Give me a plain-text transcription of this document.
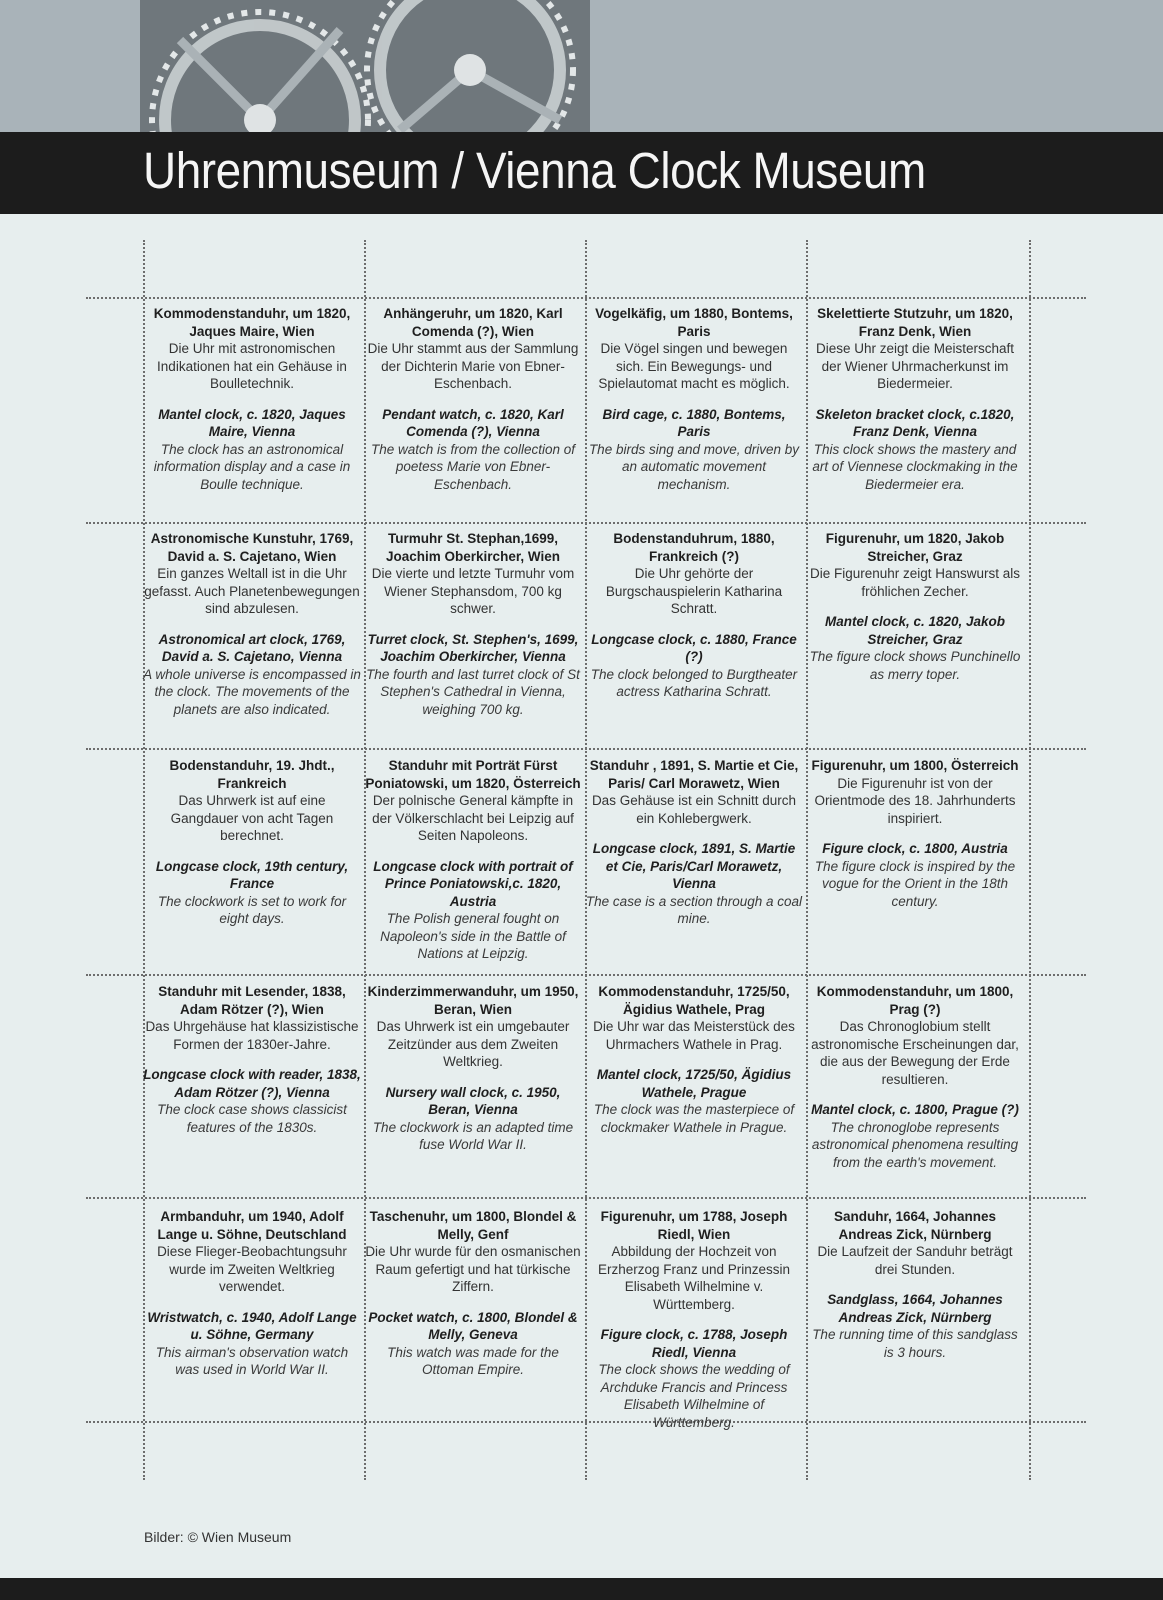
Uhrenmuseum / Vienna Clock Museum
Kommodenstanduhr, um 1820, Jaques Maire, Wien
Die Uhr mit astronomischen Indikationen hat ein Gehäuse in Boulletechnik.
Mantel clock, c. 1820, Jaques Maire, Vienna
The clock has an astronomical information display and a case in Boulle technique.
Anhängeruhr, um 1820, Karl Comenda (?), Wien
Die Uhr stammt aus der Sammlung der Dichterin Marie von Ebner-Eschenbach.
Pendant watch, c. 1820, Karl Comenda (?), Vienna
The watch is from the collection of poetess Marie von Ebner-Eschenbach.
Vogelkäfig, um 1880, Bontems, Paris
Die Vögel singen und bewegen sich. Ein Bewegungs- und Spielautomat macht es möglich.
Bird cage, c. 1880, Bontems, Paris
The birds sing and move, driven by an automatic movement mechanism.
Skelettierte Stutzuhr, um 1820, Franz Denk, Wien
Diese Uhr zeigt die Meisterschaft der Wiener Uhrmacherkunst im Biedermeier.
Skeleton bracket clock, c.1820, Franz Denk, Vienna
This clock shows the mastery and art of Viennese clockmaking in the Biedermeier era.
Astronomische Kunstuhr, 1769, David a. S. Cajetano, Wien
Ein ganzes Weltall ist in die Uhr gefasst. Auch Planetenbewegungen sind abzulesen.
Astronomical art clock, 1769, David a. S. Cajetano, Vienna
A whole universe is encompassed in the clock. The movements of the planets are also indicated.
Turmuhr St. Stephan,1699, Joachim Oberkircher, Wien
Die vierte und letzte Turmuhr vom Wiener Stephansdom, 700 kg schwer.
Turret clock, St. Stephen's, 1699, Joachim Oberkircher, Vienna
The fourth and last turret clock of St Stephen's Cathedral in Vienna, weighing 700 kg.
Bodenstanduhrum, 1880, Frankreich (?)
Die Uhr gehörte der Burgschauspielerin Katharina Schratt.
Longcase clock, c. 1880, France (?)
The clock belonged to Burgtheater actress Katharina Schratt.
Figurenuhr, um 1820, Jakob Streicher, Graz
Die Figurenuhr zeigt Hanswurst als fröhlichen Zecher.
Mantel clock, c. 1820, Jakob Streicher, Graz
The figure clock shows Punchinello as merry toper.
Bodenstanduhr, 19. Jhdt., Frankreich
Das Uhrwerk ist auf eine Gangdauer von acht Tagen berechnet.
Longcase clock, 19th century, France
The clockwork is set to work for eight days.
Standuhr mit Porträt Fürst Poniatowski, um 1820, Österreich
Der polnische General kämpfte in der Völkerschlacht bei Leipzig auf Seiten Napoleons.
Longcase clock with portrait of Prince Poniatowski,c. 1820, Austria
The Polish general fought on Napoleon's side in the Battle of Nations at Leipzig.
Standuhr , 1891, S. Martie et Cie, Paris/ Carl Morawetz, Wien
Das Gehäuse ist ein Schnitt durch ein Kohlebergwerk.
Longcase clock, 1891, S. Martie et Cie, Paris/Carl Morawetz, Vienna
The case is a section through a coal mine.
Figurenuhr, um 1800, Österreich
Die Figurenuhr ist von der Orientmode des 18. Jahrhunderts inspiriert.
Figure clock, c. 1800, Austria
The figure clock is inspired by the vogue for the Orient in the 18th century.
Standuhr mit Lesender, 1838, Adam Rötzer (?), Wien
Das Uhrgehäuse hat klassizistische Formen der 1830er-Jahre.
Longcase clock with reader, 1838, Adam Rötzer (?), Vienna
The clock case shows classicist features of the 1830s.
Kinderzimmerwanduhr, um 1950, Beran, Wien
Das Uhrwerk ist ein umgebauter Zeitzünder aus dem Zweiten Weltkrieg.
Nursery wall clock, c. 1950, Beran, Vienna
The clockwork is an adapted time fuse World War II.
Kommodenstanduhr, 1725/50, Ägidius Wathele, Prag
Die Uhr war das Meisterstück des Uhrmachers Wathele in Prag.
Mantel clock, 1725/50, Ägidius Wathele, Prague
The clock was the masterpiece of clockmaker Wathele in Prague.
Kommodenstanduhr, um 1800, Prag (?)
Das Chronoglobium stellt astronomische Erscheinungen dar, die aus der Bewegung der Erde resultieren.
Mantel clock, c. 1800, Prague (?)
The chronoglobe represents astronomical phenomena resulting from the earth's movement.
Armbanduhr, um 1940, Adolf Lange u. Söhne, Deutschland
Diese Flieger-Beobachtungsuhr wurde im Zweiten Weltkrieg verwendet.
Wristwatch, c. 1940, Adolf Lange u. Söhne, Germany
This airman's observation watch was used in World War II.
Taschenuhr, um 1800, Blondel & Melly, Genf
Die Uhr wurde für den osmanischen Raum gefertigt und hat türkische Ziffern.
Pocket watch, c. 1800, Blondel & Melly, Geneva
This watch was made for the Ottoman Empire.
Figurenuhr, um 1788, Joseph Riedl, Wien
Abbildung der Hochzeit von Erzherzog Franz und Prinzessin Elisabeth Wilhelmine v. Württemberg.
Figure clock, c. 1788, Joseph Riedl, Vienna
The clock shows the wedding of Archduke Francis and Princess Elisabeth Wilhelmine of Württemberg.
Sanduhr, 1664, Johannes Andreas Zick, Nürnberg
Die Laufzeit der Sanduhr beträgt drei Stunden.
Sandglass, 1664, Johannes Andreas Zick, Nürnberg
The running time of this sandglass is 3 hours.
Bilder: © Wien Museum
